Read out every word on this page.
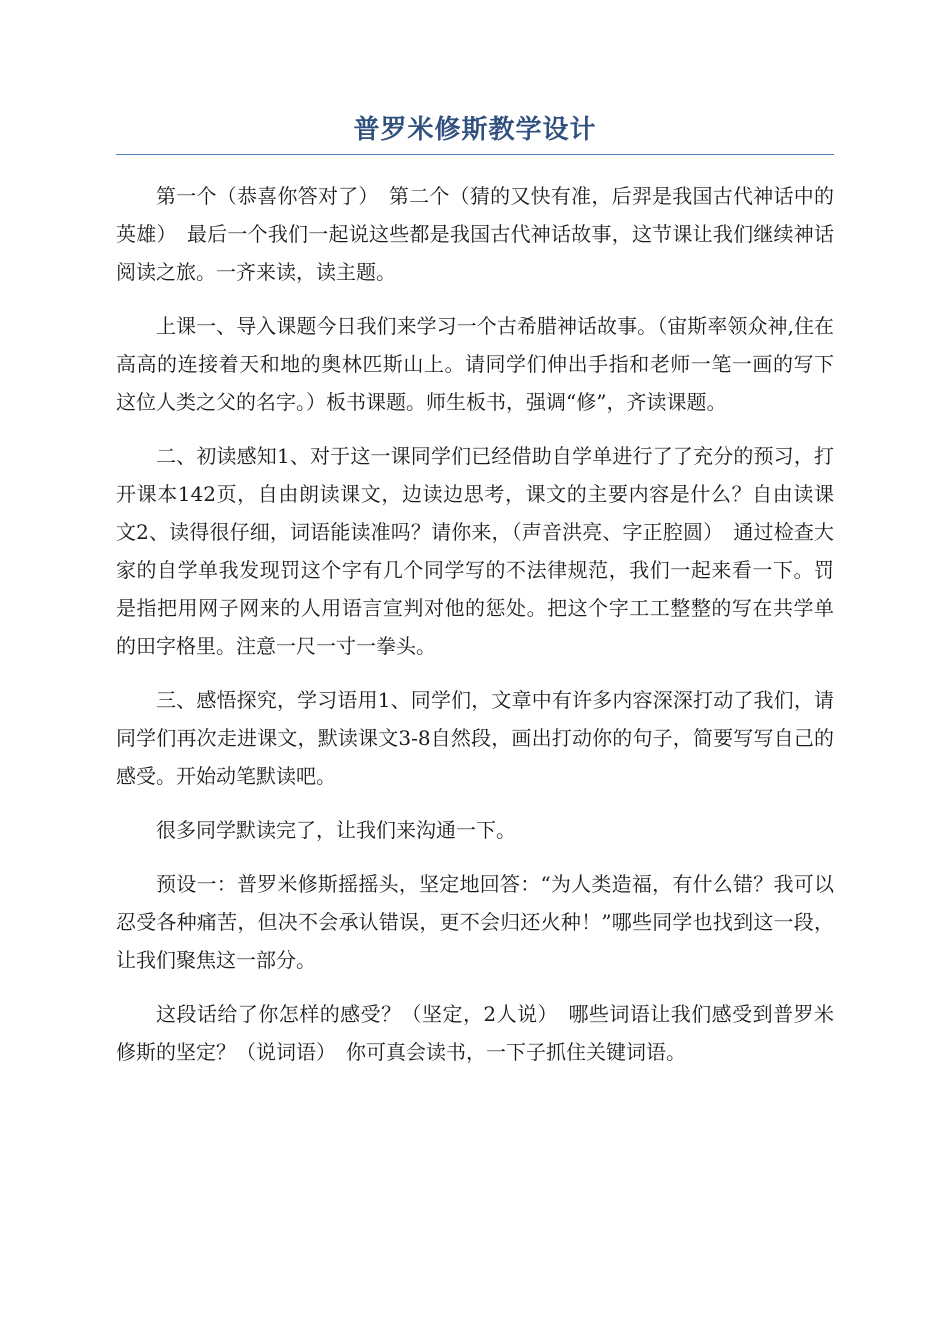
普罗米修斯教学设计

第一个（恭喜你答对了）　第二个（猜的又快有准，后羿是我国古代神话中的英雄）　最后一个我们一起说这些都是我国古代神话故事，这节课让我们继续神话阅读之旅。一齐来读，读主题。

上课一、导入课题今日我们来学习一个古希腊神话故事。（宙斯率领众神,住在高高的连接着天和地的奥林匹斯山上。请同学们伸出手指和老师一笔一画的写下这位人类之父的名字。）板书课题。师生板书，强调“修”，齐读课题。

二、初读感知1、对于这一课同学们已经借助自学单进行了了充分的预习，打开课本142页，自由朗读课文，边读边思考，课文的主要内容是什么？自由读课文2、读得很仔细，词语能读准吗？请你来，（声音洪亮、字正腔圆）　通过检查大家的自学单我发现罚这个字有几个同学写的不法律规范，我们一起来看一下。罚是指把用网子网来的人用语言宣判对他的惩处。把这个字工工整整的写在共学单的田字格里。注意一尺一寸一拳头。

三、感悟探究，学习语用1、同学们，文章中有许多内容深深打动了我们，请同学们再次走进课文，默读课文3-8自然段，画出打动你的句子，简要写写自己的感受。开始动笔默读吧。

很多同学默读完了，让我们来沟通一下。

预设一：普罗米修斯摇摇头，坚定地回答：“为人类造福，有什么错？我可以忍受各种痛苦，但决不会承认错误，更不会归还火种！”哪些同学也找到这一段，让我们聚焦这一部分。

这段话给了你怎样的感受？（坚定，2人说）　哪些词语让我们感受到普罗米修斯的坚定？（说词语）　你可真会读书，一下子抓住关键词语。
